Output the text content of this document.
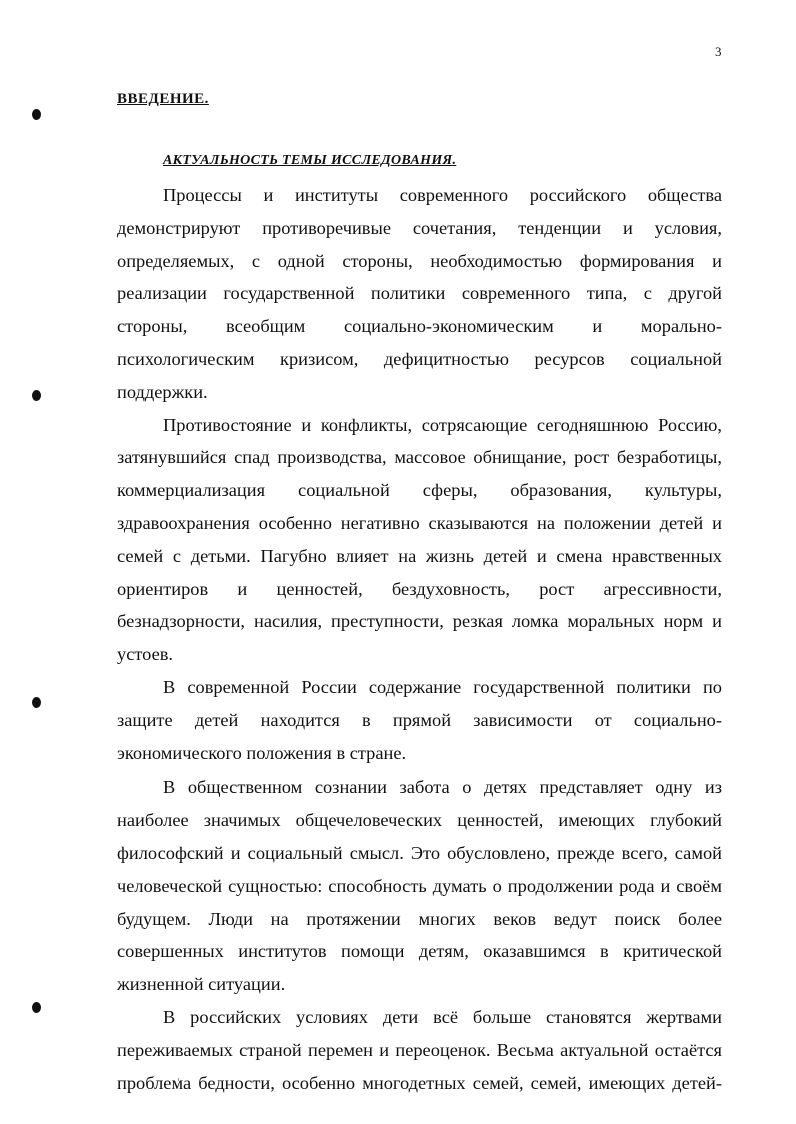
3
ВВЕДЕНИЕ.
АКТУАЛЬНОСТЬ ТЕМЫ ИССЛЕДОВАНИЯ.

Процессы и институты современного российского общества демонстрируют противоречивые сочетания, тенденции и условия, определяемых, с одной стороны, необходимостью формирования и реализации государственной политики современного типа, с другой стороны, всеобщим социально-экономическим и морально-психологическим кризисом, дефицитностью ресурсов социальной поддержки.

Противостояние и конфликты, сотрясающие сегодняшнюю Россию, затянувшийся спад производства, массовое обнищание, рост безработицы, коммерциализация социальной сферы, образования, культуры, здравоохранения особенно негативно сказываются на положении детей и семей с детьми. Пагубно влияет на жизнь детей и смена нравственных ориентиров и ценностей, бездуховность, рост агрессивности, безнадзорности, насилия, преступности, резкая ломка моральных норм и устоев.

В современной России содержание государственной политики по защите детей находится в прямой зависимости от социально-экономического положения в стране.

В общественном сознании забота о детях представляет одну из наиболее значимых общечеловеческих ценностей, имеющих глубокий философский и социальный смысл. Это обусловлено, прежде всего, самой человеческой сущностью: способность думать о продолжении рода и своём будущем. Люди на протяжении многих веков ведут поиск более совершенных институтов помощи детям, оказавшимся в критической жизненной ситуации.

В российских условиях дети всё больше становятся жертвами переживаемых страной перемен и переоценок. Весьма актуальной остаётся проблема бедности, особенно многодетных семей, семей, имеющих детей-
